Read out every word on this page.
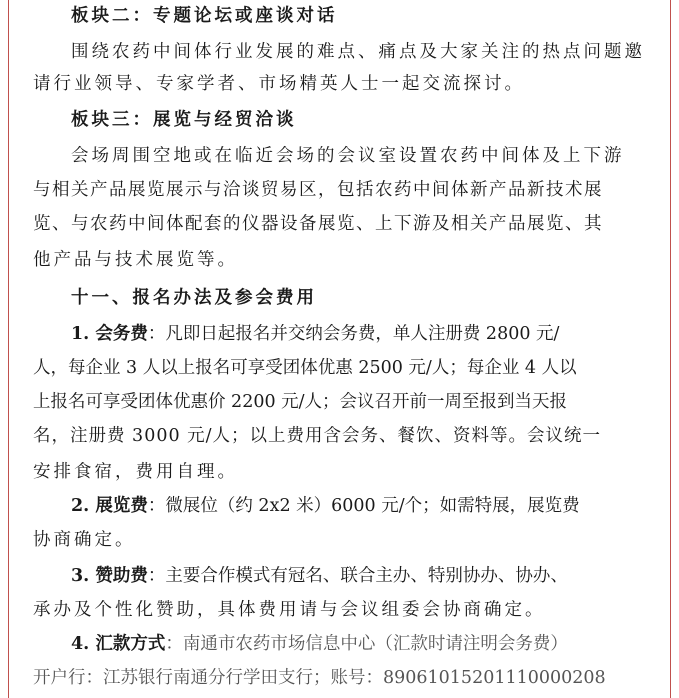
板块二：专题论坛或座谈对话
围绕农药中间体行业发展的难点、痛点及大家关注的热点问题邀
请行业领导、专家学者、市场精英人士一起交流探讨。
板块三：展览与经贸洽谈
会场周围空地或在临近会场的会议室设置农药中间体及上下游
与相关产品展览展示与洽谈贸易区，包括农药中间体新产品新技术展
览、与农药中间体配套的仪器设备展览、上下游及相关产品展览、其
他产品与技术展览等。
十一、报名办法及参会费用
1. 会务费：凡即日起报名并交纳会务费，单人注册费 2800 元/
人，每企业 3 人以上报名可享受团体优惠 2500 元/人；每企业 4 人以
上报名可享受团体优惠价 2200 元/人；会议召开前一周至报到当天报
名，注册费 3000 元/人；以上费用含会务、餐饮、资料等。会议统一
安排食宿，费用自理。
2. 展览费：微展位（约 2x2 米）6000 元/个；如需特展，展览费
协商确定。
3. 赞助费：主要合作模式有冠名、联合主办、特别协办、协办、
承办及个性化赞助，具体费用请与会议组委会协商确定。
4. 汇款方式：南通市农药市场信息中心（汇款时请注明会务费）
开户行：江苏银行南通分行学田支行；账号：89061015201110000208
